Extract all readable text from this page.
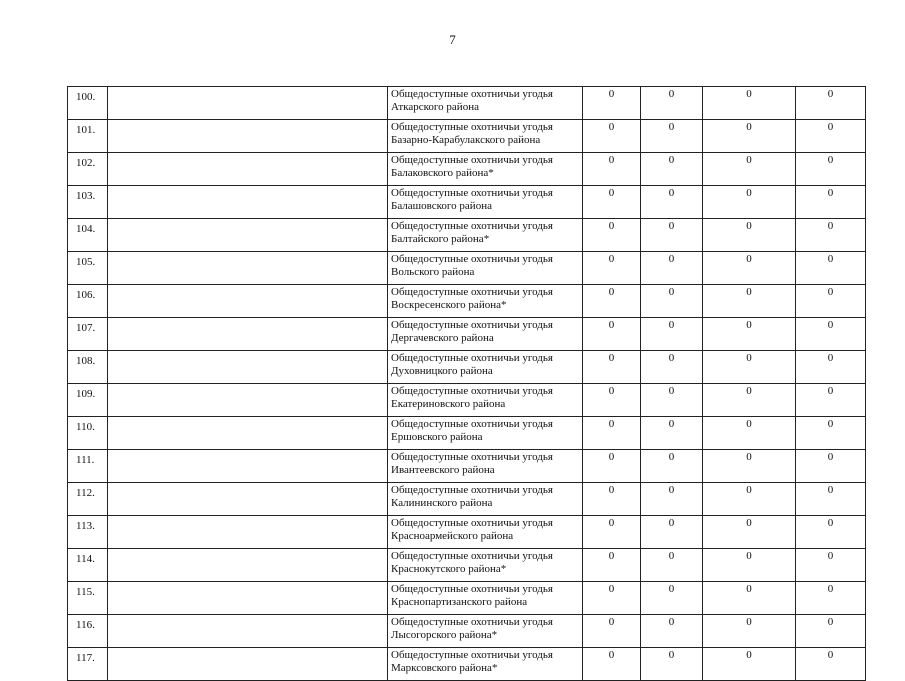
7
100.		Общедоступные охотничьи угодья
Аткарского района	0	0	0	0
101.		Общедоступные охотничьи угодья
Базарно-Карабулакского района	0	0	0	0
102.		Общедоступные охотничьи угодья
Балаковского района*	0	0	0	0
103.		Общедоступные охотничьи угодья
Балашовского района	0	0	0	0
104.		Общедоступные охотничьи угодья
Балтайского района*	0	0	0	0
105.		Общедоступные охотничьи угодья
Вольского района	0	0	0	0
106.		Общедоступные охотничьи угодья
Воскресенского района*	0	0	0	0
107.		Общедоступные охотничьи угодья
Дергачевского района	0	0	0	0
108.		Общедоступные охотничьи угодья
Духовницкого района	0	0	0	0
109.		Общедоступные охотничьи угодья
Екатериновского района	0	0	0	0
110.		Общедоступные охотничьи угодья
Ершовского района	0	0	0	0
111.		Общедоступные охотничьи угодья
Ивантеевского района	0	0	0	0
112.		Общедоступные охотничьи угодья
Калининского района	0	0	0	0
113.		Общедоступные охотничьи угодья
Красноармейского района	0	0	0	0
114.		Общедоступные охотничьи угодья
Краснокутского района*	0	0	0	0
115.		Общедоступные охотничьи угодья
Краснопартизанского района	0	0	0	0
116.		Общедоступные охотничьи угодья
Лысогорского района*	0	0	0	0
117.		Общедоступные охотничьи угодья
Марксовского района*	0	0	0	0
